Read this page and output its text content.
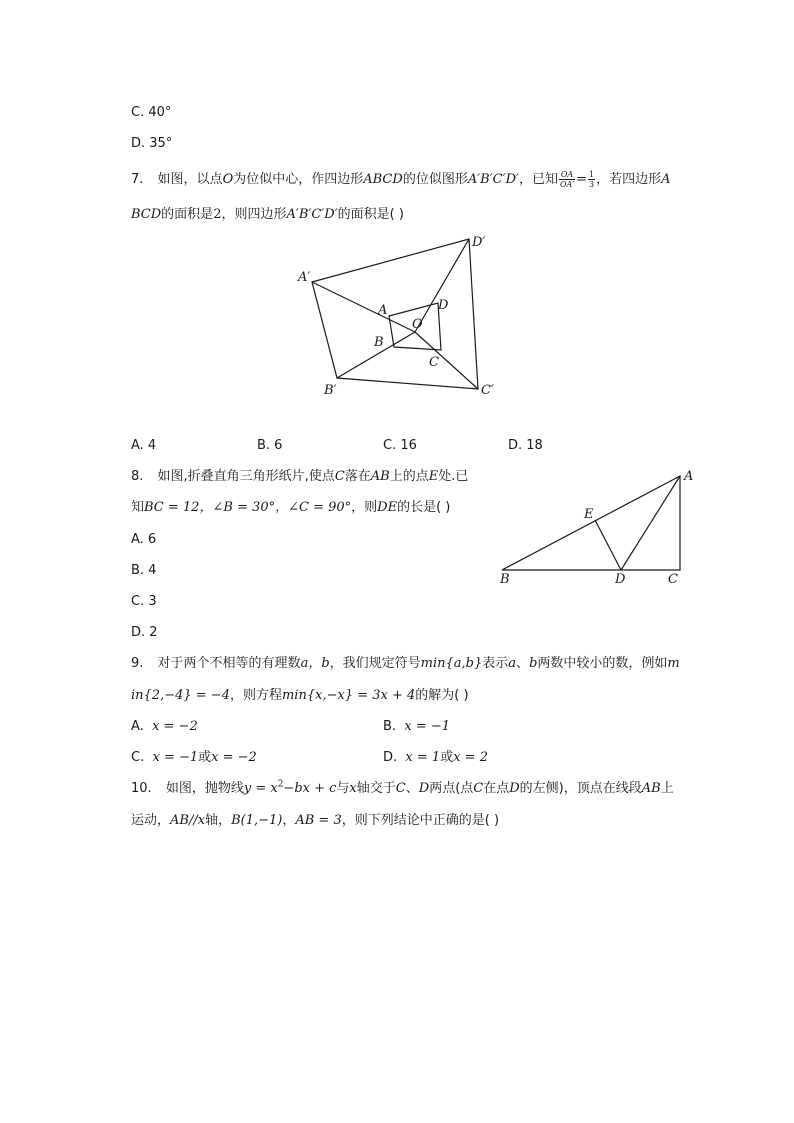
C. 40°
D. 35°
7. 如图，以点O为位似中心，作四边形ABCD的位似图形A′B′C′D′，已知 $\frac{OA}{OA'} = \frac{1}{3}$ ，若四边形A
BCD的面积是2，则四边形A′B′C′D′的面积是( )
A′
D′
B′	C′
A	D
O
B
C
A. 4	B. 6	C. 16	D. 18
8. 如图,折叠直角三角形纸片,使点C落在AB上的点E处.已
知BC = 12，∠B = 30°，∠C = 90°，则DE的长是( )
A. 6
B. 4
C. 3
D. 2
A
E
B	D	C
9. 对于两个不相等的有理数a，b，我们规定符号min{a,b}表示a、b两数中较小的数，例如m
in{2,−4} = −4，则方程min{x,−x} = 3x + 4的解为( )
A. x = −2	B. x = −1
C. x = −1或x = −2	D. x = 1或x = 2
10. 如图，抛物线$y = x^2-bx + c$与x轴交于C、D两点(点C在点D的左侧)，顶点在线段AB上
运动，AB//x轴，B(1,−1)，AB = 3，则下列结论中正确的是( )
